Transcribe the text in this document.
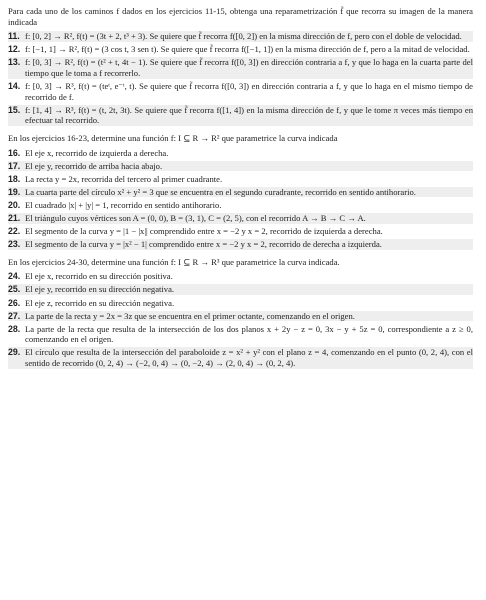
Para cada uno de los caminos f dados en los ejercicios 11-15, obtenga una reparametrización f̃ que recorra su imagen de la manera indicada

11. f: [0, 2] → R², f(t) = (3t + 2, t³ + 3). Se quiere que f̃ recorra f([0, 2]) en la misma dirección de f, pero con el doble de velocidad.
12. f: [−1, 1] → R², f(t) = (3 cos t, 3 sen t). Se quiere que f̃ recorra f([−1, 1]) en la misma dirección de f, pero a la mitad de velocidad.
13. f: [0, 3] → R², f(t) = (t² + t, 4t − 1). Se quiere que f̃ recorra f([0, 3]) en dirección contraria a f, y que lo haga en la cuarta parte del tiempo que le toma a f recorrerlo.
14. f: [0, 3] → R³, f(t) = (teᵗ, e⁻ᵗ, t). Se quiere que f̃ recorra f([0, 3]) en dirección contraria a f, y que lo haga en el mismo tiempo de recorrido de f.
15. f: [1, 4] → R³, f(t) = (t, 2t, 3t). Se quiere que f̃ recorra f([1, 4]) en la misma dirección de f, y que le tome π veces más tiempo en efectuar tal recorrido.

En los ejercicios 16-23, determine una función f: I ⊆ R → R² que parametrice la curva indicada

16. El eje x, recorrido de izquierda a derecha.
17. El eje y, recorrido de arriba hacia abajo.
18. La recta y = 2x, recorrida del tercero al primer cuadrante.
19. La cuarta parte del círculo x² + y² = 3 que se encuentra en el segundo curadrante, recorrido en sentido antihorario.
20. El cuadrado |x| + |y| = 1, recorrido en sentido antihorario.
21. El triángulo cuyos vértices son A = (0, 0), B = (3, 1), C = (2, 5), con el recorrido A → B → C → A.
22. El segmento de la curva y = |1 − |x|| comprendido entre x = −2 y x = 2, recorrido de izquierda a derecha.
23. El segmento de la curva y = |x² − 1| comprendido entre x = −2 y x = 2, recorrido de derecha a izquierda.

En los ejercicios 24-30, determine una función f: I ⊆ R → R³ que parametrice la curva indicada.

24. El eje x, recorrido en su dirección positiva.
25. El eje y, recorrido en su dirección negativa.
26. El eje z, recorrido en su dirección negativa.
27. La parte de la recta y = 2x = 3z que se encuentra en el primer octante, comenzando en el origen.
28. La parte de la recta que resulta de la intersección de los dos planos x + 2y − z = 0, 3x − y + 5z = 0, correspondiente a z ≥ 0, comenzando en el origen.
29. El círculo que resulta de la intersección del paraboloide z = x² + y² con el plano z = 4, comenzando en el punto (0, 2, 4), con el sentido de recorrido (0, 2, 4) → (−2, 0, 4) → (0, −2, 4) → (2, 0, 4) → (0, 2, 4).
